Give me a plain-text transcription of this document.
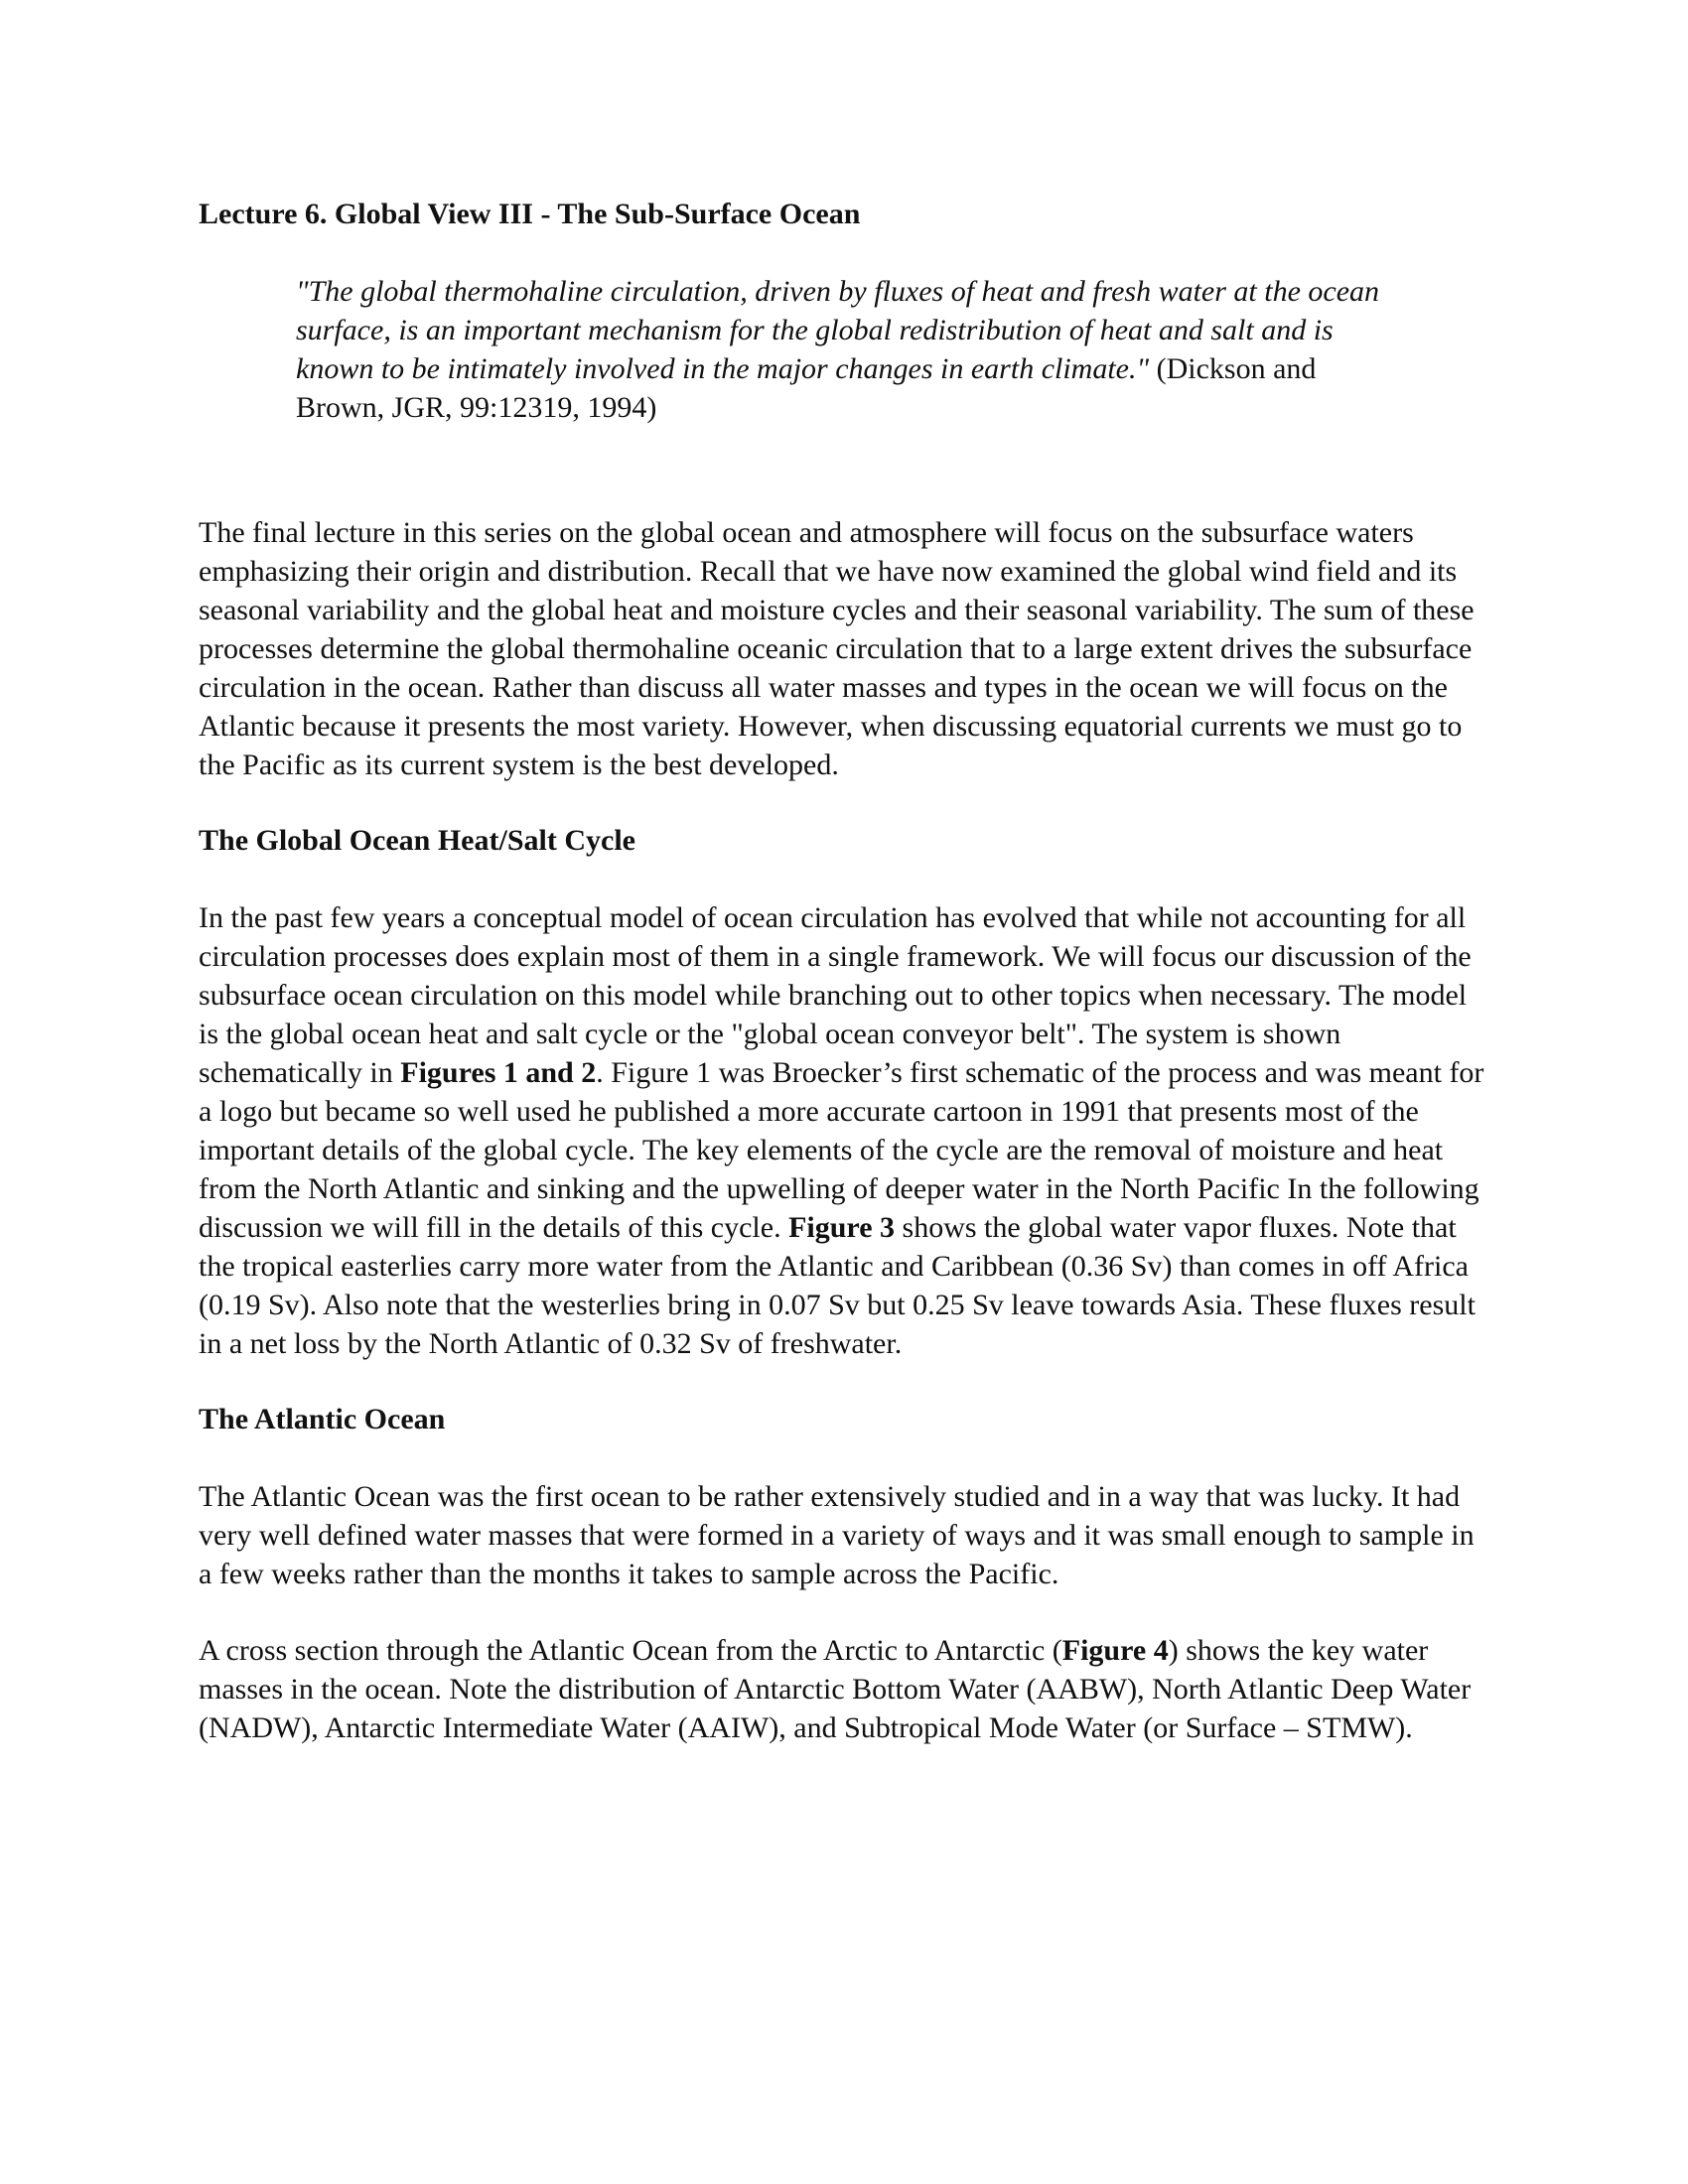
Lecture 6. Global View III - The Sub-Surface Ocean
"The global thermohaline circulation, driven by fluxes of heat and fresh water at the ocean surface, is an important mechanism for the global redistribution of heat and salt and is known to be intimately involved in the major changes in earth climate." (Dickson and Brown, JGR, 99:12319, 1994)

The final lecture in this series on the global ocean and atmosphere will focus on the subsurface waters emphasizing their origin and distribution. Recall that we have now examined the global wind field and its seasonal variability and the global heat and moisture cycles and their seasonal variability. The sum of these processes determine the global thermohaline oceanic circulation that to a large extent drives the subsurface circulation in the ocean. Rather than discuss all water masses and types in the ocean we will focus on the Atlantic because it presents the most variety. However, when discussing equatorial currents we must go to the Pacific as its current system is the best developed.

The Global Ocean Heat/Salt Cycle

In the past few years a conceptual model of ocean circulation has evolved that while not accounting for all circulation processes does explain most of them in a single framework. We will focus our discussion of the subsurface ocean circulation on this model while branching out to other topics when necessary. The model is the global ocean heat and salt cycle or the "global ocean conveyor belt". The system is shown schematically in Figures 1 and 2. Figure 1 was Broecker’s first schematic of the process and was meant for a logo but became so well used he published a more accurate cartoon in 1991 that presents most of the important details of the global cycle. The key elements of the cycle are the removal of moisture and heat from the North Atlantic and sinking and the upwelling of deeper water in the North Pacific In the following discussion we will fill in the details of this cycle. Figure 3 shows the global water vapor fluxes. Note that the tropical easterlies carry more water from the Atlantic and Caribbean (0.36 Sv) than comes in off Africa (0.19 Sv). Also note that the westerlies bring in 0.07 Sv but 0.25 Sv leave towards Asia. These fluxes result in a net loss by the North Atlantic of 0.32 Sv of freshwater.

The Atlantic Ocean

The Atlantic Ocean was the first ocean to be rather extensively studied and in a way that was lucky. It had very well defined water masses that were formed in a variety of ways and it was small enough to sample in a few weeks rather than the months it takes to sample across the Pacific.

A cross section through the Atlantic Ocean from the Arctic to Antarctic (Figure 4) shows the key water masses in the ocean. Note the distribution of Antarctic Bottom Water (AABW), North Atlantic Deep Water (NADW), Antarctic Intermediate Water (AAIW), and Subtropical Mode Water (or Surface – STMW).
